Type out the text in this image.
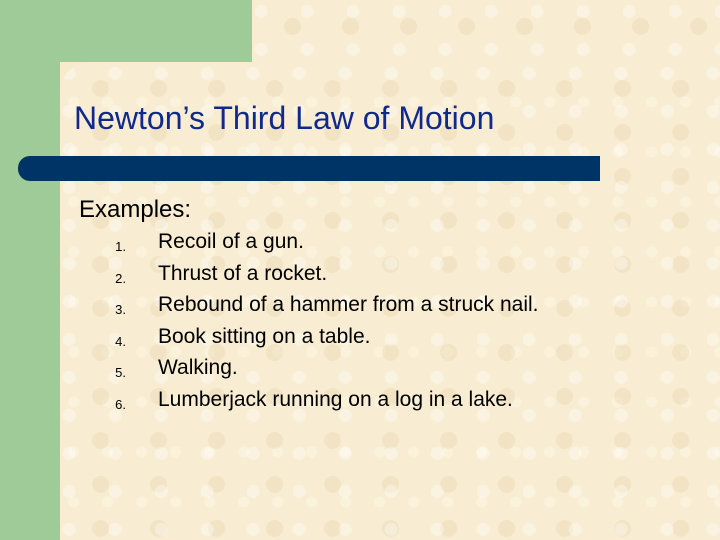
Newton’s Third Law of Motion
Examples:
1. Recoil of a gun.
2. Thrust of a rocket.
3. Rebound of a hammer from a struck nail.
4. Book sitting on a table.
5. Walking.
6. Lumberjack running on a log in a lake.
